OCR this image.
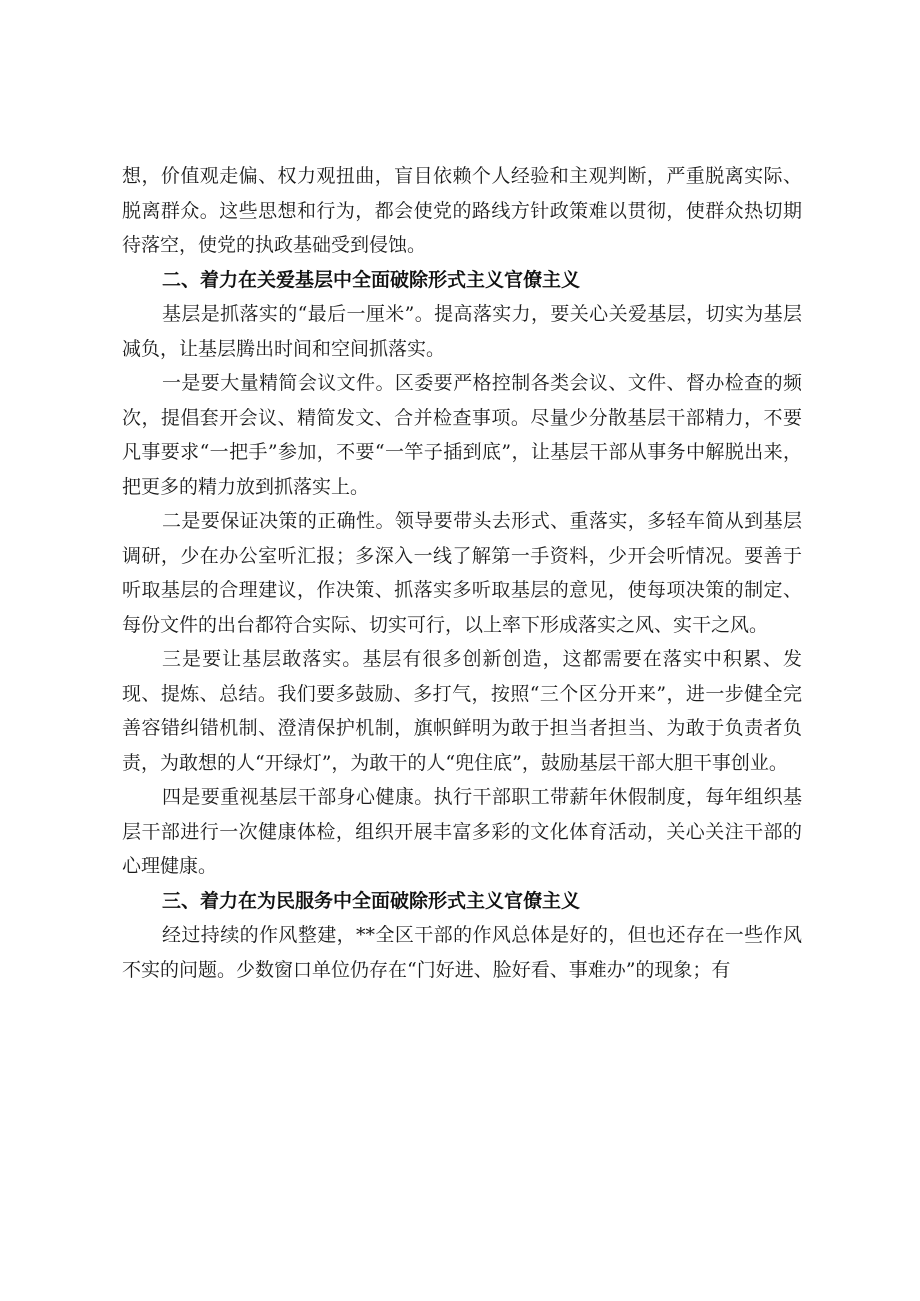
想，价值观走偏、权力观扭曲，盲目依赖个人经验和主观判断，严重脱离实际、脱离群众。这些思想和行为，都会使党的路线方针政策难以贯彻，使群众热切期待落空，使党的执政基础受到侵蚀。

二、着力在关爱基层中全面破除形式主义官僚主义

基层是抓落实的“最后一厘米”。提高落实力，要关心关爱基层，切实为基层减负，让基层腾出时间和空间抓落实。

一是要大量精简会议文件。区委要严格控制各类会议、文件、督办检查的频次，提倡套开会议、精简发文、合并检查事项。尽量少分散基层干部精力，不要凡事要求“一把手”参加，不要“一竿子插到底”，让基层干部从事务中解脱出来，把更多的精力放到抓落实上。

二是要保证决策的正确性。领导要带头去形式、重落实，多轻车简从到基层调研，少在办公室听汇报；多深入一线了解第一手资料，少开会听情况。要善于听取基层的合理建议，作决策、抓落实多听取基层的意见，使每项决策的制定、每份文件的出台都符合实际、切实可行，以上率下形成落实之风、实干之风。

三是要让基层敢落实。基层有很多创新创造，这都需要在落实中积累、发现、提炼、总结。我们要多鼓励、多打气，按照“三个区分开来”，进一步健全完善容错纠错机制、澄清保护机制，旗帜鲜明为敢于担当者担当、为敢于负责者负责，为敢想的人“开绿灯”，为敢干的人“兜住底”，鼓励基层干部大胆干事创业。

四是要重视基层干部身心健康。执行干部职工带薪年休假制度，每年组织基层干部进行一次健康体检，组织开展丰富多彩的文化体育活动，关心关注干部的心理健康。

三、着力在为民服务中全面破除形式主义官僚主义

经过持续的作风整建，**全区干部的作风总体是好的，但也还存在一些作风不实的问题。少数窗口单位仍存在“门好进、脸好看、事难办”的现象；有
